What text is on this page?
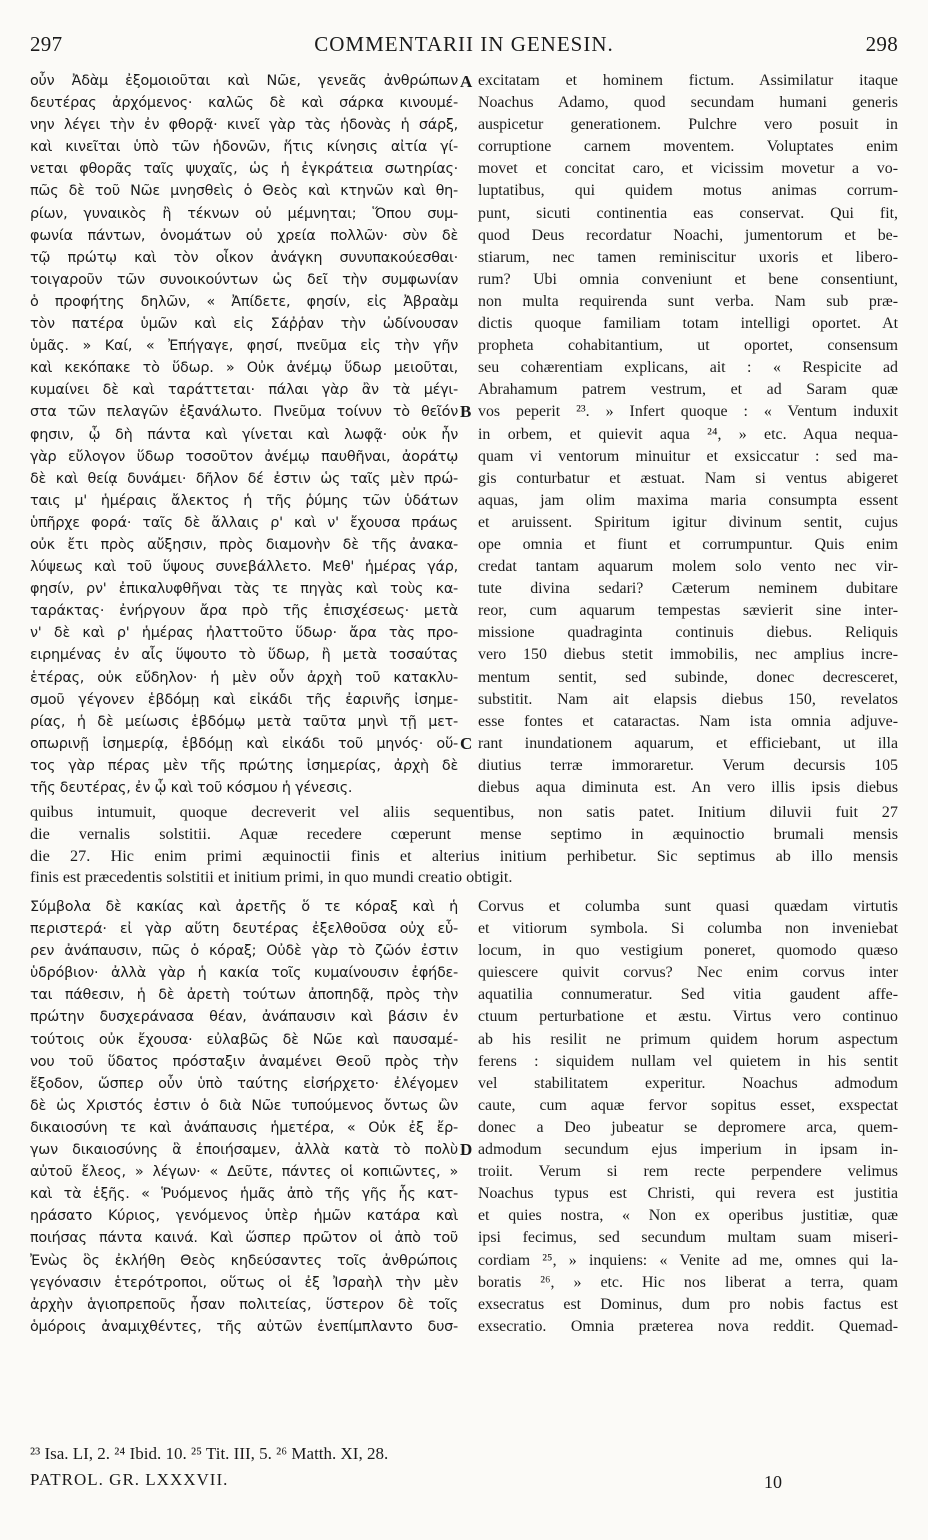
297	COMMENTARII IN GENESIN.	298
οὖν Ἀδὰμ ἐξομοιοῦται καὶ Νῶε, γενεᾶς ἀνθρώπων
δευτέρας ἀρχόμενος· καλῶς δὲ καὶ σάρκα κινουμέ-
νην λέγει τὴν ἐν φθορᾷ· κινεῖ γὰρ τὰς ἡδονὰς ἡ σάρξ,
καὶ κινεῖται ὑπὸ τῶν ἡδονῶν, ἥτις κίνησις αἰτία γί-
νεται φθορᾶς ταῖς ψυχαῖς, ὡς ἡ ἐγκράτεια σωτηρίας·
πῶς δὲ τοῦ Νῶε μνησθεὶς ὁ Θεὸς καὶ κτηνῶν καὶ θη-
ρίων, γυναικὸς ἢ τέκνων οὐ μέμνηται; Ὅπου συμ-
φωνία πάντων, ὀνομάτων οὐ χρεία πολλῶν· σὺν δὲ
τῷ πρώτῳ καὶ τὸν οἶκον ἀνάγκη συνυπακούεσθαι·
τοιγαροῦν τῶν συνοικούντων ὡς δεῖ τὴν συμφωνίαν
ὁ προφήτης δηλῶν, « Ἀπίδετε, φησίν, εἰς Ἀβραὰμ
τὸν πατέρα ὑμῶν καὶ εἰς Σάῤῥαν τὴν ὠδίνουσαν
ὑμᾶς. » Καί, « Ἐπήγαγε, φησί, πνεῦμα εἰς τὴν γῆν
καὶ κεκόπακε τὸ ὕδωρ. » Οὐκ ἀνέμῳ ὕδωρ μειοῦται,
κυμαίνει δὲ καὶ ταράττεται· πάλαι γὰρ ἂν τὰ μέγι-
στα τῶν πελαγῶν ἐξανάλωτο. Πνεῦμα τοίνυν τὸ θεῖόν
φησιν, ᾧ δὴ πάντα καὶ γίνεται καὶ λωφᾷ· οὐκ ἦν
γὰρ εὔλογον ὕδωρ τοσοῦτον ἀνέμῳ παυθῆναι, ἀοράτῳ
δὲ καὶ θείᾳ δυνάμει· δῆλον δέ ἐστιν ὡς ταῖς μὲν πρώ-
ταις μ' ἡμέραις ἄλεκτος ἡ τῆς ῥύμης τῶν ὑδάτων
ὑπῆρχε φορά· ταῖς δὲ ἄλλαις ρ' καὶ ν' ἔχουσα πράως
οὐκ ἔτι πρὸς αὔξησιν, πρὸς διαμονὴν δὲ τῆς ἀνακα-
λύψεως καὶ τοῦ ὕψους συνεβάλλετο. Μεθ' ἡμέρας γάρ,
φησίν, ρν' ἐπικαλυφθῆναι τὰς τε πηγὰς καὶ τοὺς κα-
ταράκτας· ἐνήργουν ἄρα πρὸ τῆς ἐπισχέσεως· μετὰ
ν' δὲ καὶ ρ' ἡμέρας ἠλαττοῦτο ὕδωρ· ἄρα τὰς προ-
ειρημένας ἐν αἷς ὕψουτο τὸ ὕδωρ, ἢ μετὰ τοσαύτας
ἑτέρας, οὐκ εὔδηλον· ἡ μὲν οὖν ἀρχὴ τοῦ κατακλυ-
σμοῦ γέγονεν ἑβδόμῃ καὶ εἰκάδι τῆς ἐαρινῆς ἰσημε-
ρίας, ἡ δὲ μείωσις ἑβδόμῳ μετὰ ταῦτα μηνὶ τῇ μετ-
οπωρινῇ ἰσημερίᾳ, ἑβδόμῃ καὶ εἰκάδι τοῦ μηνός· οὕ-
τος γὰρ πέρας μὲν τῆς πρώτης ἰσημερίας, ἀρχὴ δὲ
τῆς δευτέρας, ἐν ᾧ καὶ τοῦ κόσμου ἡ γένεσις.
excitatam et hominem fictum. Assimilatur itaque
Noachus Adamo, quod secundam humani generis
auspicetur generationem. Pulchre vero posuit in
corruptione carnem moventem. Voluptates enim
movet et concitat caro, et vicissim movetur a vo-
luptatibus, qui quidem motus animas corrum-
punt, sicuti continentia eas conservat. Qui fit,
quod Deus recordatur Noachi, jumentorum et be-
stiarum, nec tamen reminiscitur uxoris et libero-
rum? Ubi omnia conveniunt et bene consentiunt,
non multa requirenda sunt verba. Nam sub præ-
dictis quoque familiam totam intelligi oportet. At
propheta cohabitantium, ut oportet, consensum
seu cohærentiam explicans, ait : « Respicite ad
Abrahamum patrem vestrum, et ad Saram quæ
vos peperit ²³. » Infert quoque : « Ventum induxit
in orbem, et quievit aqua ²⁴, » etc. Aqua nequa-
quam vi ventorum minuitur et exsiccatur : sed ma-
gis conturbatur et æstuat. Nam si ventus abigeret
aquas, jam olim maxima maria consumpta essent
et aruissent. Spiritum igitur divinum sentit, cujus
ope omnia et fiunt et corrumpuntur. Quis enim
credat tantam aquarum molem solo vento nec vir-
tute divina sedari? Cæterum neminem dubitare
reor, cum aquarum tempestas sævierit sine inter-
missione quadraginta continuis diebus. Reliquis
vero 150 diebus stetit immobilis, nec amplius incre-
mentum sentit, sed subinde, donec decresceret,
substitit. Nam ait elapsis diebus 150, revelatos
esse fontes et cataractas. Nam ista omnia adjuve-
rant inundationem aquarum, et efficiebant, ut illa
diutius terræ immoraretur. Verum decursis 105
diebus aqua diminuta est. An vero illis ipsis diebus
quibus intumuit, quoque decreverit vel aliis sequentibus, non satis patet. Initium diluvii fuit 27
die vernalis solstitii. Aquæ recedere cœperunt mense septimo in æquinoctio brumali mensis
die 27. Hic enim primi æquinoctii finis et alterius initium perhibetur. Sic septimus ab illo mensis
finis est præcedentis solstitii et initium primi, in quo mundi creatio obtigit.
Σύμβολα δὲ κακίας καὶ ἀρετῆς ὅ τε κόραξ καὶ ἡ
περιστερά· εἰ γὰρ αὕτη δευτέρας ἐξελθοῦσα οὐχ εὗ-
ρεν ἀνάπαυσιν, πῶς ὁ κόραξ; Οὐδὲ γὰρ τὸ ζῶόν ἐστιν
ὑδρόβιον· ἀλλὰ γὰρ ἡ κακία τοῖς κυμαίνουσιν ἐφήδε-
ται πάθεσιν, ἡ δὲ ἀρετὴ τούτων ἀποπηδᾷ, πρὸς τὴν
πρώτην δυσχεράνασα θέαν, ἀνάπαυσιν καὶ βάσιν ἐν
τούτοις οὐκ ἔχουσα· εὐλαβῶς δὲ Νῶε καὶ παυσαμέ-
νου τοῦ ὕδατος πρόσταξιν ἀναμένει Θεοῦ πρὸς τὴν
ἔξοδον, ὥσπερ οὖν ὑπὸ ταύτης εἰσήρχετο· ἐλέγομεν
δὲ ὡς Χριστός ἐστιν ὁ διὰ Νῶε τυπούμενος ὄντως ὢν
δικαιοσύνη τε καὶ ἀνάπαυσις ἡμετέρα, « Οὐκ ἐξ ἔρ-
γων δικαιοσύνης ἃ ἐποιήσαμεν, ἀλλὰ κατὰ τὸ πολὺ
αὐτοῦ ἔλεος, » λέγων· « Δεῦτε, πάντες οἱ κοπιῶντες, »
καὶ τὰ ἑξῆς. « Ῥυόμενος ἡμᾶς ἀπὸ τῆς γῆς ἧς κατ-
ηράσατο Κύριος, γενόμενος ὑπὲρ ἡμῶν κατάρα καὶ
ποιήσας πάντα καινά. Καὶ ὥσπερ πρῶτον οἱ ἀπὸ τοῦ
Ἐνὼς ὃς ἐκλήθη Θεὸς κηδεύσαντες τοῖς ἀνθρώποις
γεγόνασιν ἑτερότροποι, οὕτως οἱ ἐξ Ἰσραὴλ τὴν μὲν
ἀρχὴν ἁγιοπρεποῦς ἦσαν πολιτείας, ὕστερον δὲ τοῖς
ὁμόροις ἀναμιχθέντες, τῆς αὐτῶν ἐνεπίμπλαντο δυσ-
Corvus et columba sunt quasi quædam virtutis
et vitiorum symbola. Si columba non inveniebat
locum, in quo vestigium poneret, quomodo quæso
quiescere quivit corvus? Nec enim corvus inter
aquatilia connumeratur. Sed vitia gaudent affe-
ctuum perturbatione et æstu. Virtus vero continuo
ab his resilit ne primum quidem horum aspectum
ferens : siquidem nullam vel quietem in his sentit
vel stabilitatem experitur. Noachus admodum
caute, cum aquæ fervor sopitus esset, exspectat
donec a Deo jubeatur se depromere arca, quem-
admodum secundum ejus imperium in ipsam in-
troiit. Verum si rem recte perpendere velimus
Noachus typus est Christi, qui revera est justitia
et quies nostra, « Non ex operibus justitiæ, quæ
ipsi fecimus, sed secundum multam suam miseri-
cordiam ²⁵, » inquiens: « Venite ad me, omnes qui la-
boratis ²⁶, » etc. Hic nos liberat a terra, quam
exsecratus est Dominus, dum pro nobis factus est
exsecratio. Omnia præterea nova reddit. Quemad-
A
B
C
D
²³ Isa. LI, 2. ²⁴ Ibid. 10. ²⁵ Tit. III, 5. ²⁶ Matth. XI, 28.
PATROL. GR. LXXXVII.	10
